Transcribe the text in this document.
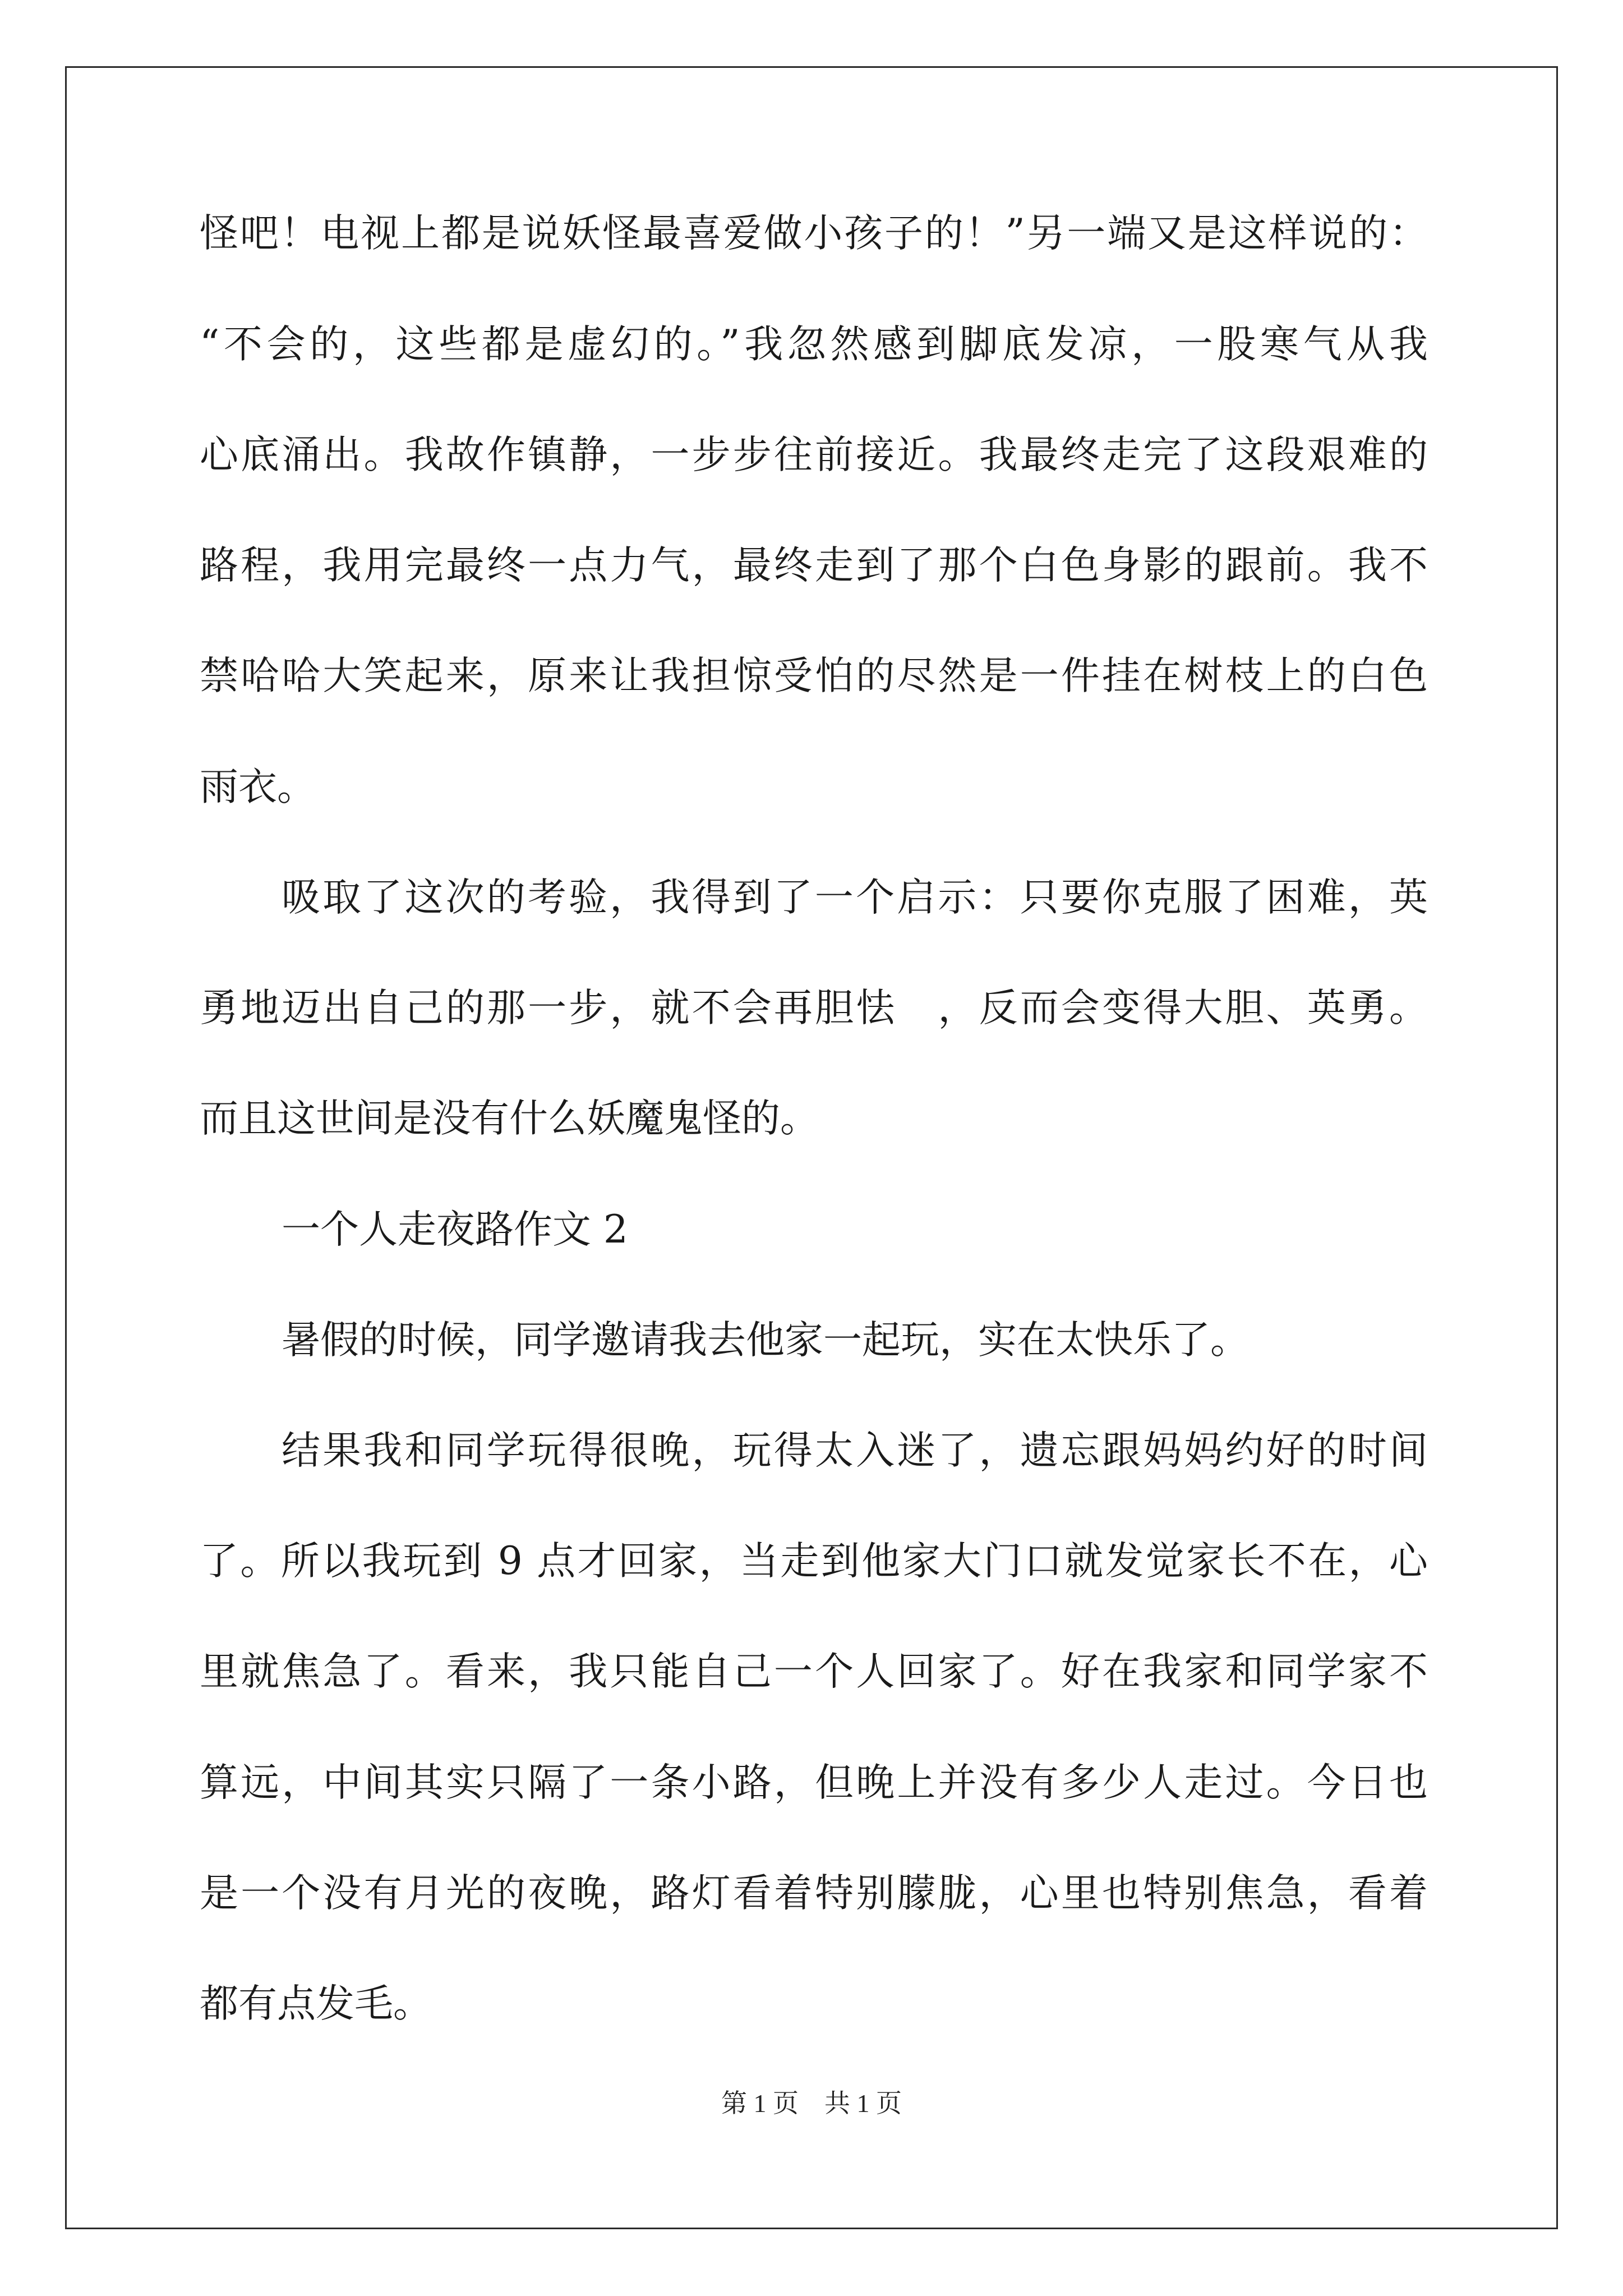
怪吧！电视上都是说妖怪最喜爱做小孩子的！”另一端又是这样说的：
“不会的，这些都是虚幻的。”我忽然感到脚底发凉，一股寒气从我
心底涌出。我故作镇静，一步步往前接近。我最终走完了这段艰难的
路程，我用完最终一点力气，最终走到了那个白色身影的跟前。我不
禁哈哈大笑起来，原来让我担惊受怕的尽然是一件挂在树枝上的白色
雨衣。
吸取了这次的考验，我得到了一个启示：只要你克服了困难，英
勇地迈出自己的那一步，就不会再胆怯　，反而会变得大胆、英勇。
而且这世间是没有什么妖魔鬼怪的。
一个人走夜路作文 2
暑假的时候，同学邀请我去他家一起玩，实在太快乐了。
结果我和同学玩得很晚，玩得太入迷了，遗忘跟妈妈约好的时间
了。所以我玩到 9 点才回家，当走到他家大门口就发觉家长不在，心
里就焦急了。看来，我只能自己一个人回家了。好在我家和同学家不
算远，中间其实只隔了一条小路，但晚上并没有多少人走过。今日也
是一个没有月光的夜晚，路灯看着特别朦胧，心里也特别焦急，看着
都有点发毛。
第 1 页　共 1 页
